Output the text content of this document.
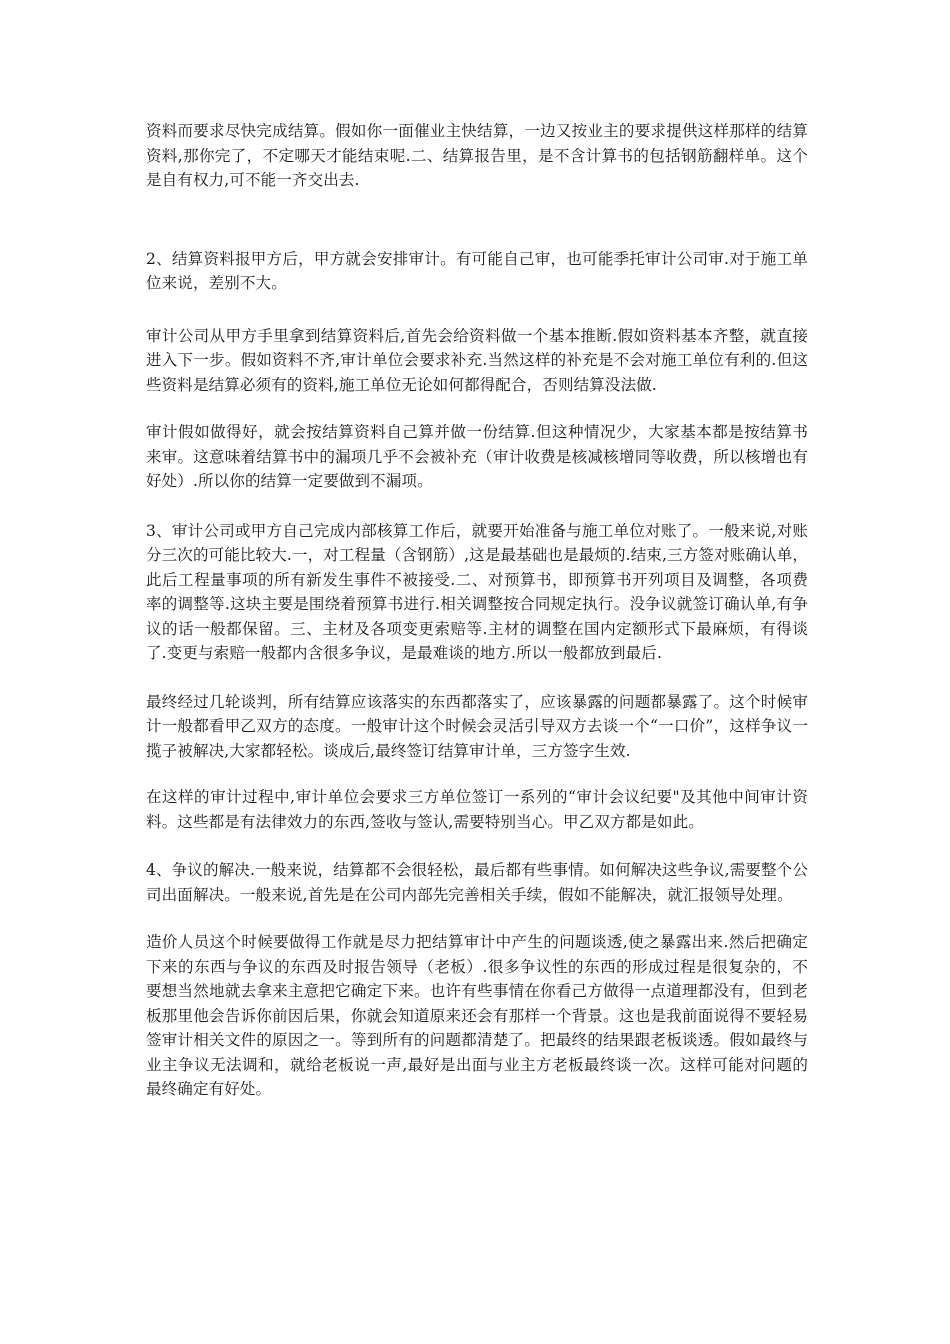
资料而要求尽快完成结算。假如你一面催业主快结算，一边又按业主的要求提供这样那样的结算资料,那你完了，不定哪天才能结束呢.二、结算报告里，是不含计算书的包括钢筋翻样单。这个是自有权力,可不能一齐交出去.

2、结算资料报甲方后，甲方就会安排审计。有可能自己审，也可能季托审计公司审.对于施工单位来说，差别不大。

审计公司从甲方手里拿到结算资料后,首先会给资料做一个基本推断.假如资料基本齐整，就直接进入下一步。假如资料不齐,审计单位会要求补充.当然这样的补充是不会对施工单位有利的.但这些资料是结算必须有的资料,施工单位无论如何都得配合，否则结算没法做.

审计假如做得好，就会按结算资料自己算并做一份结算.但这种情况少，大家基本都是按结算书来审。这意味着结算书中的漏项几乎不会被补充（审计收费是核减核增同等收费，所以核增也有好处）.所以你的结算一定要做到不漏项。

3、审计公司或甲方自己完成内部核算工作后，就要开始准备与施工单位对账了。一般来说,对账分三次的可能比较大.一，对工程量（含钢筋）,这是最基础也是最烦的.结束,三方签对账确认单，此后工程量事项的所有新发生事件不被接受.二、对预算书，即预算书开列项目及调整，各项费率的调整等.这块主要是围绕着预算书进行.相关调整按合同规定执行。没争议就签订确认单,有争议的话一般都保留。三、主材及各项变更索赔等.主材的调整在国内定额形式下最麻烦，有得谈了.变更与索赔一般都内含很多争议，是最难谈的地方.所以一般都放到最后.

最终经过几轮谈判，所有结算应该落实的东西都落实了，应该暴露的问题都暴露了。这个时候审计一般都看甲乙双方的态度。一般审计这个时候会灵活引导双方去谈一个“一口价”，这样争议一揽子被解决,大家都轻松。谈成后,最终签订结算审计单，三方签字生效.

在这样的审计过程中,审计单位会要求三方单位签订一系列的“审计会议纪要"及其他中间审计资料。这些都是有法律效力的东西,签收与签认,需要特别当心。甲乙双方都是如此。

4、争议的解决.一般来说，结算都不会很轻松，最后都有些事情。如何解决这些争议,需要整个公司出面解决。一般来说,首先是在公司内部先完善相关手续，假如不能解决，就汇报领导处理。

造价人员这个时候要做得工作就是尽力把结算审计中产生的问题谈透,使之暴露出来.然后把确定下来的东西与争议的东西及时报告领导（老板）.很多争议性的东西的形成过程是很复杂的，不要想当然地就去拿来主意把它确定下来。也许有些事情在你看己方做得一点道理都没有，但到老板那里他会告诉你前因后果，你就会知道原来还会有那样一个背景。这也是我前面说得不要轻易签审计相关文件的原因之一。等到所有的问题都清楚了。把最终的结果跟老板谈透。假如最终与业主争议无法调和，就给老板说一声,最好是出面与业主方老板最终谈一次。这样可能对问题的最终确定有好处。
